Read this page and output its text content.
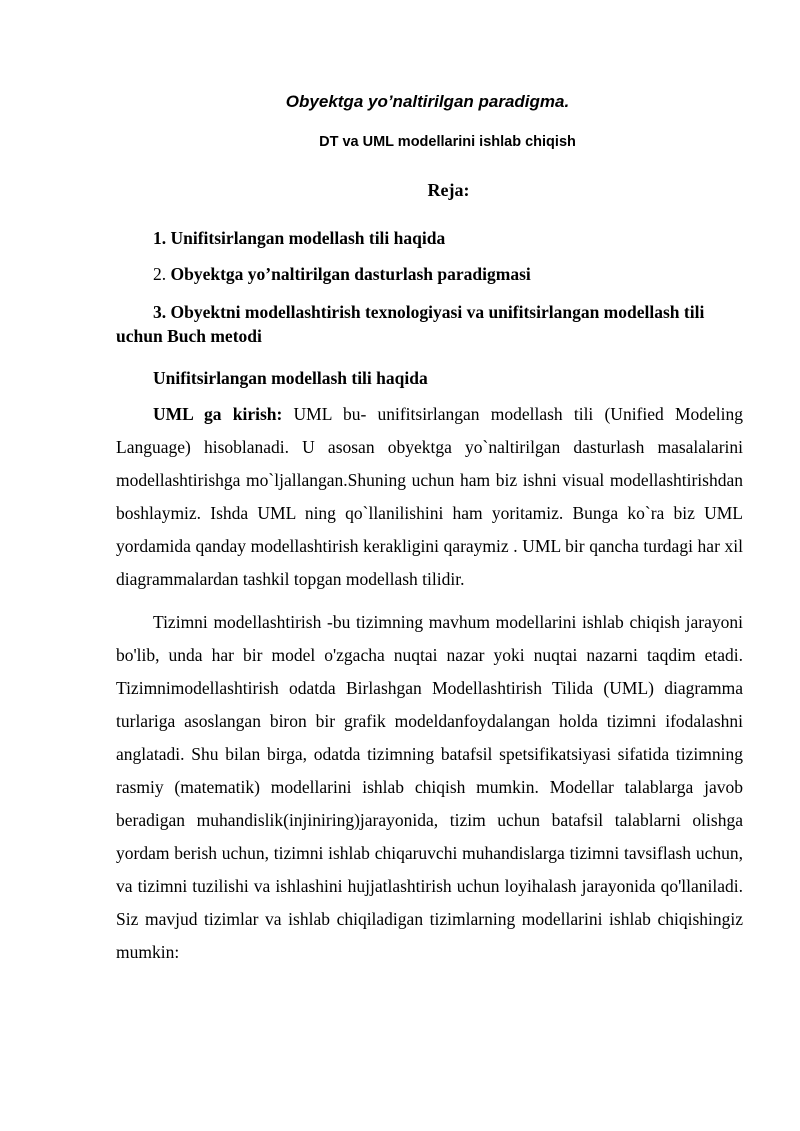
Obyektga yo’naltirilgan paradigma.
DT va UML modellarini ishlab chiqish
Reja:
1. Unifitsirlangan modellash tili haqida
2. Obyektga yo’naltirilgan dasturlash paradigmasi
3. Obyektni modellashtirish texnologiyasi va unifitsirlangan modellash tili uchun Buch metodi
Unifitsirlangan modellash tili haqida
UML ga kirish: UML bu- unifitsirlangan modellash tili (Unified Modeling Language) hisoblanadi. U asosan obyektga yo`naltirilgan dasturlash masalalarini modellashtirishga mo`ljallangan.Shuning uchun ham biz ishni visual modellashtirishdan boshlaymiz. Ishda UML ning qo`llanilishini ham yoritamiz. Bunga ko`ra biz UML yordamida qanday modellashtirish kerakligini qaraymiz . UML bir qancha turdagi har xil diagrammalardan tashkil topgan modellash tilidir.
Tizimni modellashtirish -bu tizimning mavhum modellarini ishlab chiqish jarayoni bo'lib, unda har bir model o'zgacha nuqtai nazar yoki nuqtai nazarni taqdim etadi. Tizimnimodellashtirish odatda Birlashgan Modellashtirish Tilida (UML) diagramma turlariga asoslangan biron bir grafik modeldanfoydalangan holda tizimni ifodalashni anglatadi. Shu bilan birga, odatda tizimning batafsil spetsifikatsiyasi sifatida tizimning rasmiy (matematik) modellarini ishlab chiqish mumkin. Modellar talablarga javob beradigan muhandislik(injiniring)jarayonida, tizim uchun batafsil talablarni olishga yordam berish uchun, tizimni ishlab chiqaruvchi muhandislarga tizimni tavsiflash uchun, va tizimni tuzilishi va ishlashini hujjatlashtirish uchun loyihalash jarayonida qo'llaniladi. Siz mavjud tizimlar va ishlab chiqiladigan tizimlarning modellarini ishlab chiqishingiz mumkin:
